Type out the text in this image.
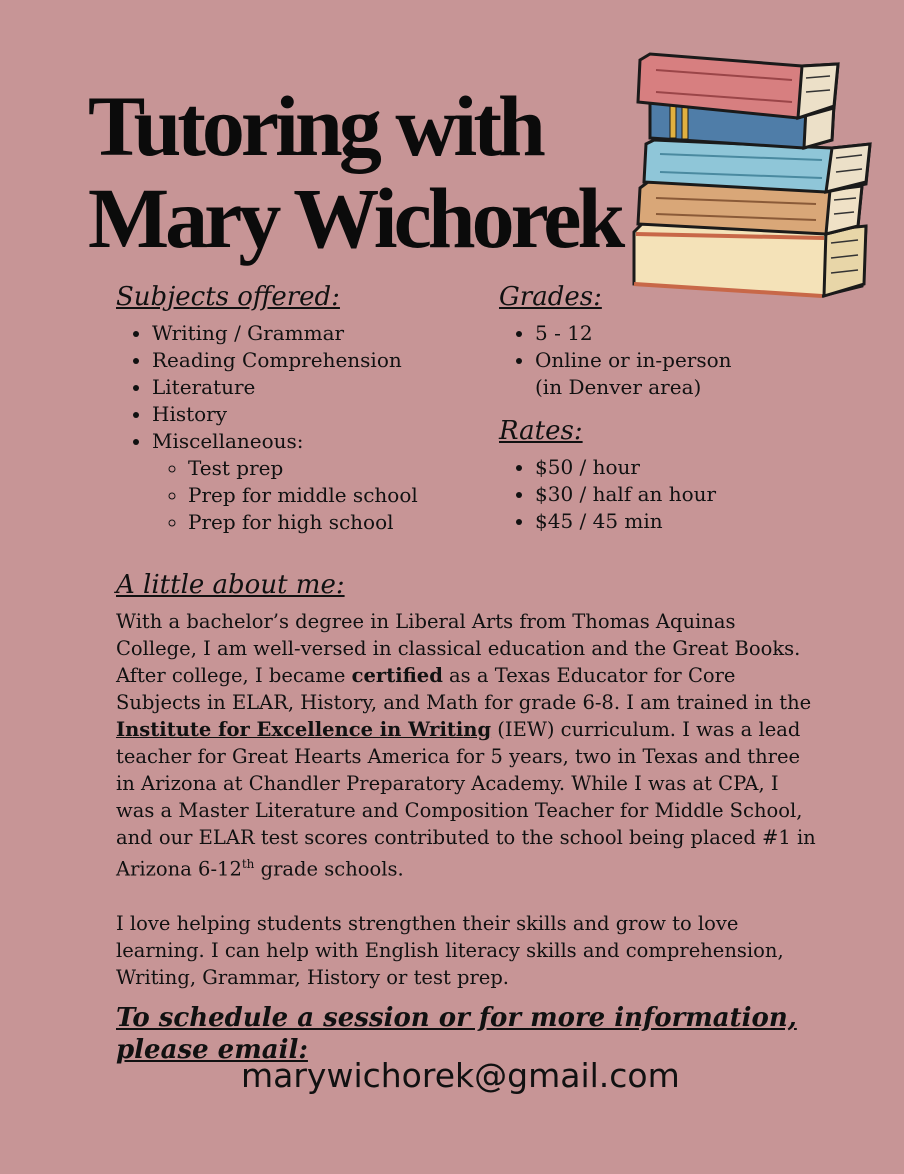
Tutoring with
Mary Wichorek
Subjects offered:
• Writing / Grammar
• Reading Comprehension
• Literature
• History
• Miscellaneous:
◦ Test prep
◦ Prep for middle school
◦ Prep for high school
Grades:
• 5 - 12
• Online or in-person
(in Denver area)
Rates:
• $50 / hour
• $30 / half an hour
• $45 / 45 min
A little about me:

With a bachelor’s degree in Liberal Arts from Thomas Aquinas College, I am well-versed in classical education and the Great Books. After college, I became certified as a Texas Educator for Core Subjects in ELAR, History, and Math for grade 6-8. I am trained in the Institute for Excellence in Writing (IEW) curriculum. I was a lead teacher for Great Hearts America for 5 years, two in Texas and three in Arizona at Chandler Preparatory Academy. While I was at CPA, I was a Master Literature and Composition Teacher for Middle School, and our ELAR test scores contributed to the school being placed #1 in Arizona 6-12th grade schools.

I love helping students strengthen their skills and grow to love learning. I can help with English literacy skills and comprehension, Writing, Grammar, History or test prep.

To schedule a session or for more information, please email:

marywichorek@gmail.com
